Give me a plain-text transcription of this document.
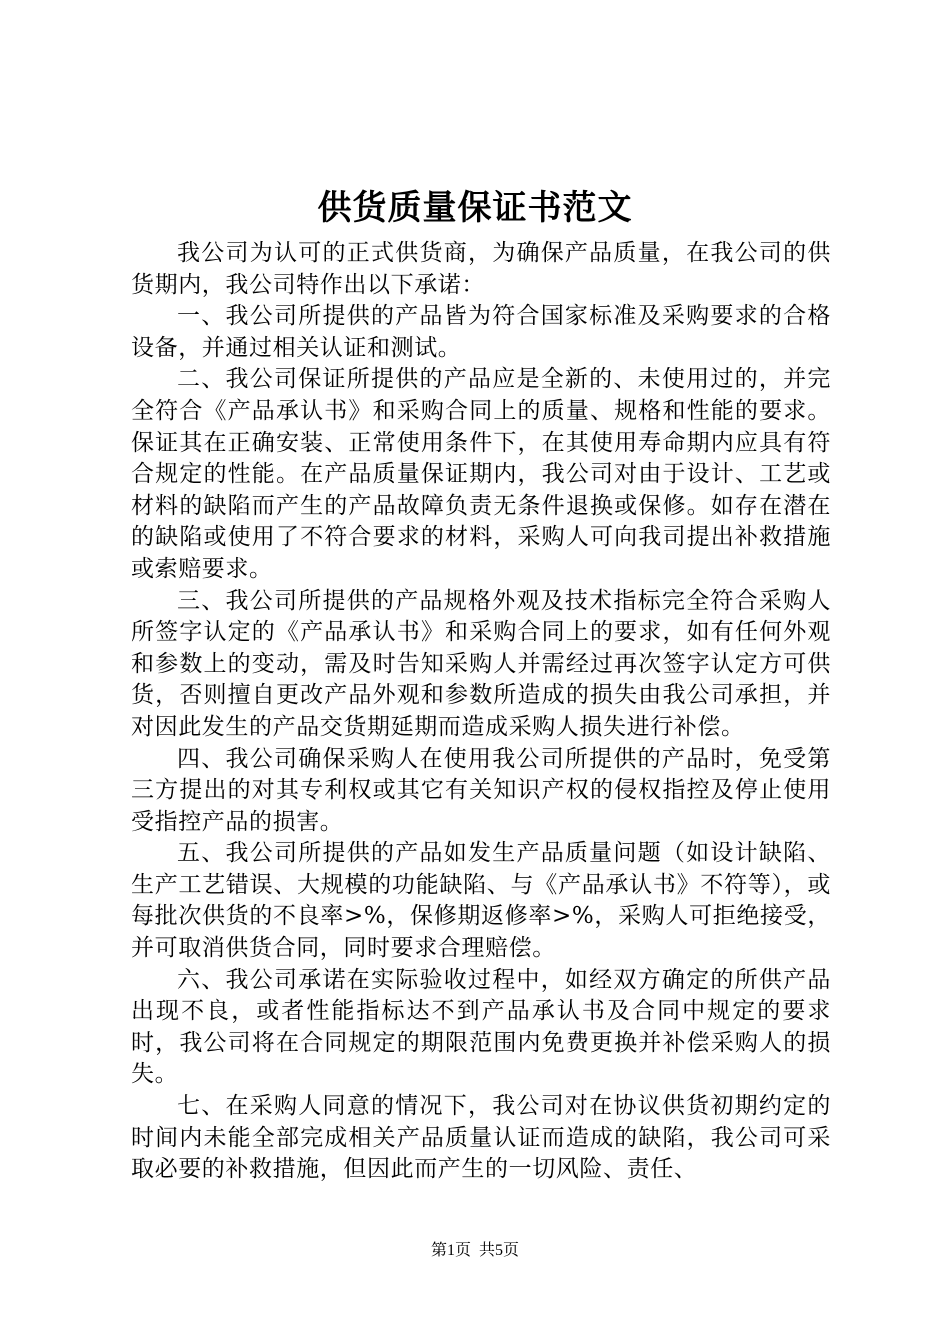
供货质量保证书范文

我公司为认可的正式供货商，为确保产品质量，在我公司的供货期内，我公司特作出以下承诺：

一、我公司所提供的产品皆为符合国家标准及采购要求的合格设备，并通过相关认证和测试。

二、我公司保证所提供的产品应是全新的、未使用过的，并完全符合《产品承认书》和采购合同上的质量、规格和性能的要求。保证其在正确安装、正常使用条件下，在其使用寿命期内应具有符合规定的性能。在产品质量保证期内，我公司对由于设计、工艺或材料的缺陷而产生的产品故障负责无条件退换或保修。如存在潜在的缺陷或使用了不符合要求的材料，采购人可向我司提出补救措施或索赔要求。

三、我公司所提供的产品规格外观及技术指标完全符合采购人所签字认定的《产品承认书》和采购合同上的要求，如有任何外观和参数上的变动，需及时告知采购人并需经过再次签字认定方可供货，否则擅自更改产品外观和参数所造成的损失由我公司承担，并对因此发生的产品交货期延期而造成采购人损失进行补偿。

四、我公司确保采购人在使用我公司所提供的产品时，免受第三方提出的对其专利权或其它有关知识产权的侵权指控及停止使用受指控产品的损害。

五、我公司所提供的产品如发生产品质量问题（如设计缺陷、生产工艺错误、大规模的功能缺陷、与《产品承认书》不符等），或每批次供货的不良率>%，保修期返修率>%，采购人可拒绝接受，并可取消供货合同，同时要求合理赔偿。

六、我公司承诺在实际验收过程中，如经双方确定的所供产品出现不良，或者性能指标达不到产品承认书及合同中规定的要求时，我公司将在合同规定的期限范围内免费更换并补偿采购人的损失。

七、在采购人同意的情况下，我公司对在协议供货初期约定的时间内未能全部完成相关产品质量认证而造成的缺陷，我公司可采取必要的补救措施，但因此而产生的一切风险、责任、

第1页 共5页
